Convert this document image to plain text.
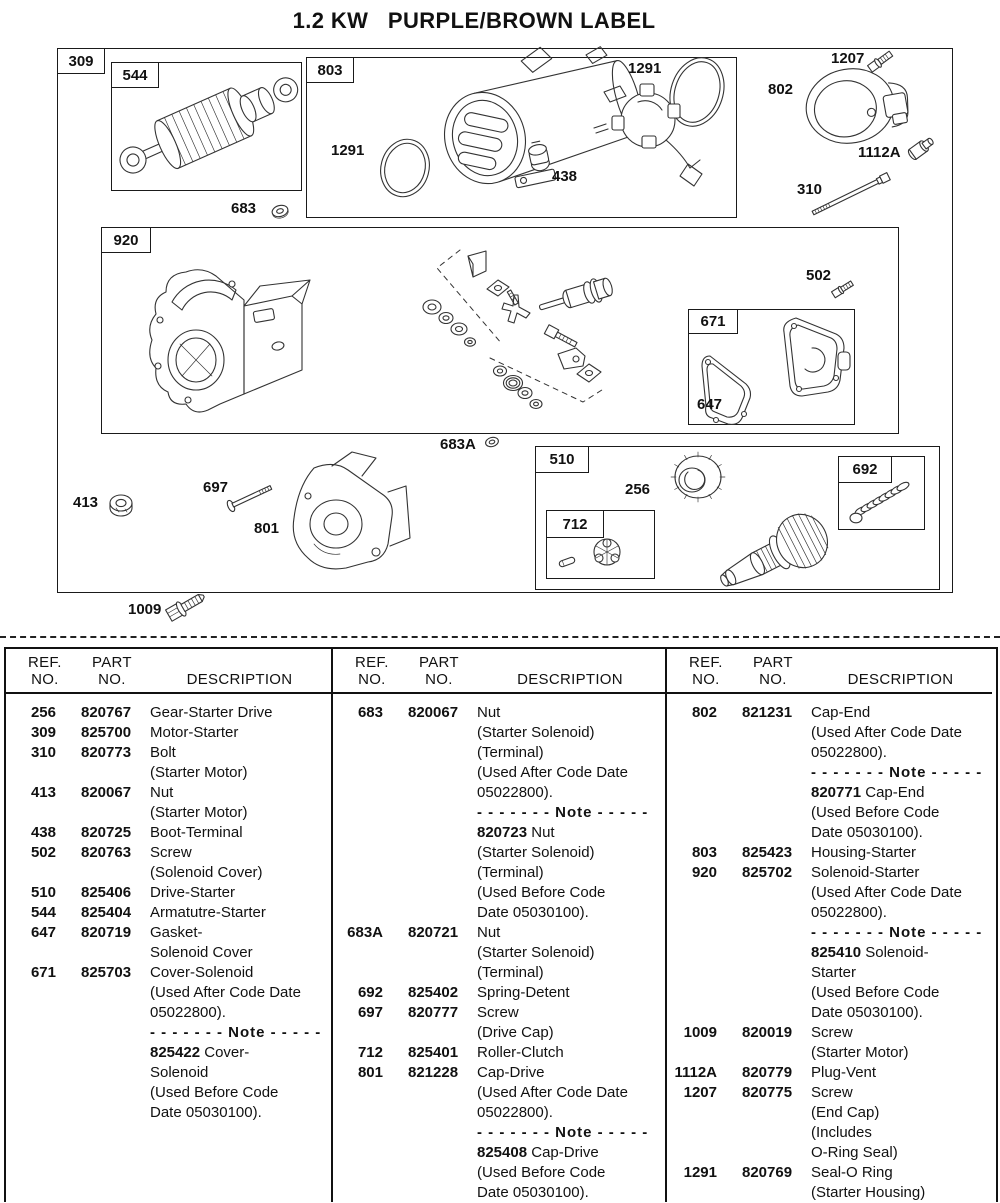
1.2 KW   PURPLE/BROWN LABEL
309
544	803
920
671
510
712
692
1291
1291
438
683
1207
802
1112A
310
502
647
683A
413
697
801
256
1009
REF.
NO.
PART
NO.	DESCRIPTION
256	820767	Gear-Starter Drive
309	825700	Motor-Starter
310	820773	Bolt
(Starter Motor)
413	820067	Nut
(Starter Motor)
438	820725	Boot-Terminal
502	820763	Screw
(Solenoid Cover)
510	825406	Drive-Starter
544	825404	Armatutre-Starter
647	820719	Gasket-
Solenoid Cover
671	825703	Cover-Solenoid
(Used After Code Date
05022800).
- - - - - - - Note - - - - -
825422 Cover-
Solenoid
(Used Before Code
Date 05030100).
REF.
NO.
PART
NO.	DESCRIPTION
683	820067	Nut
(Starter Solenoid)
(Terminal)
(Used After Code Date
05022800).
- - - - - - - Note - - - - -
820723 Nut
(Starter Solenoid)
(Terminal)
(Used Before Code
Date 05030100).
683A	820721	Nut
(Starter Solenoid)
(Terminal)
692	825402	Spring-Detent
697	820777	Screw
(Drive Cap)
712	825401	Roller-Clutch
801	821228	Cap-Drive
(Used After Code Date
05022800).
- - - - - - - Note - - - - -
825408 Cap-Drive
(Used Before Code
Date 05030100).
REF.
NO.
PART
NO.	DESCRIPTION
802	821231	Cap-End
(Used After Code Date
05022800).
- - - - - - - Note - - - - -
820771 Cap-End
(Used Before Code
Date 05030100).
803	825423	Housing-Starter
920	825702	Solenoid-Starter
(Used After Code Date
05022800).
- - - - - - - Note - - - - -
825410 Solenoid-
Starter
(Used Before Code
Date 05030100).
1009	820019	Screw
(Starter Motor)
1112A	820779	Plug-Vent
1207	820775	Screw
(End Cap)
(Includes
O-Ring Seal)
1291	820769	Seal-O Ring
(Starter Housing)
